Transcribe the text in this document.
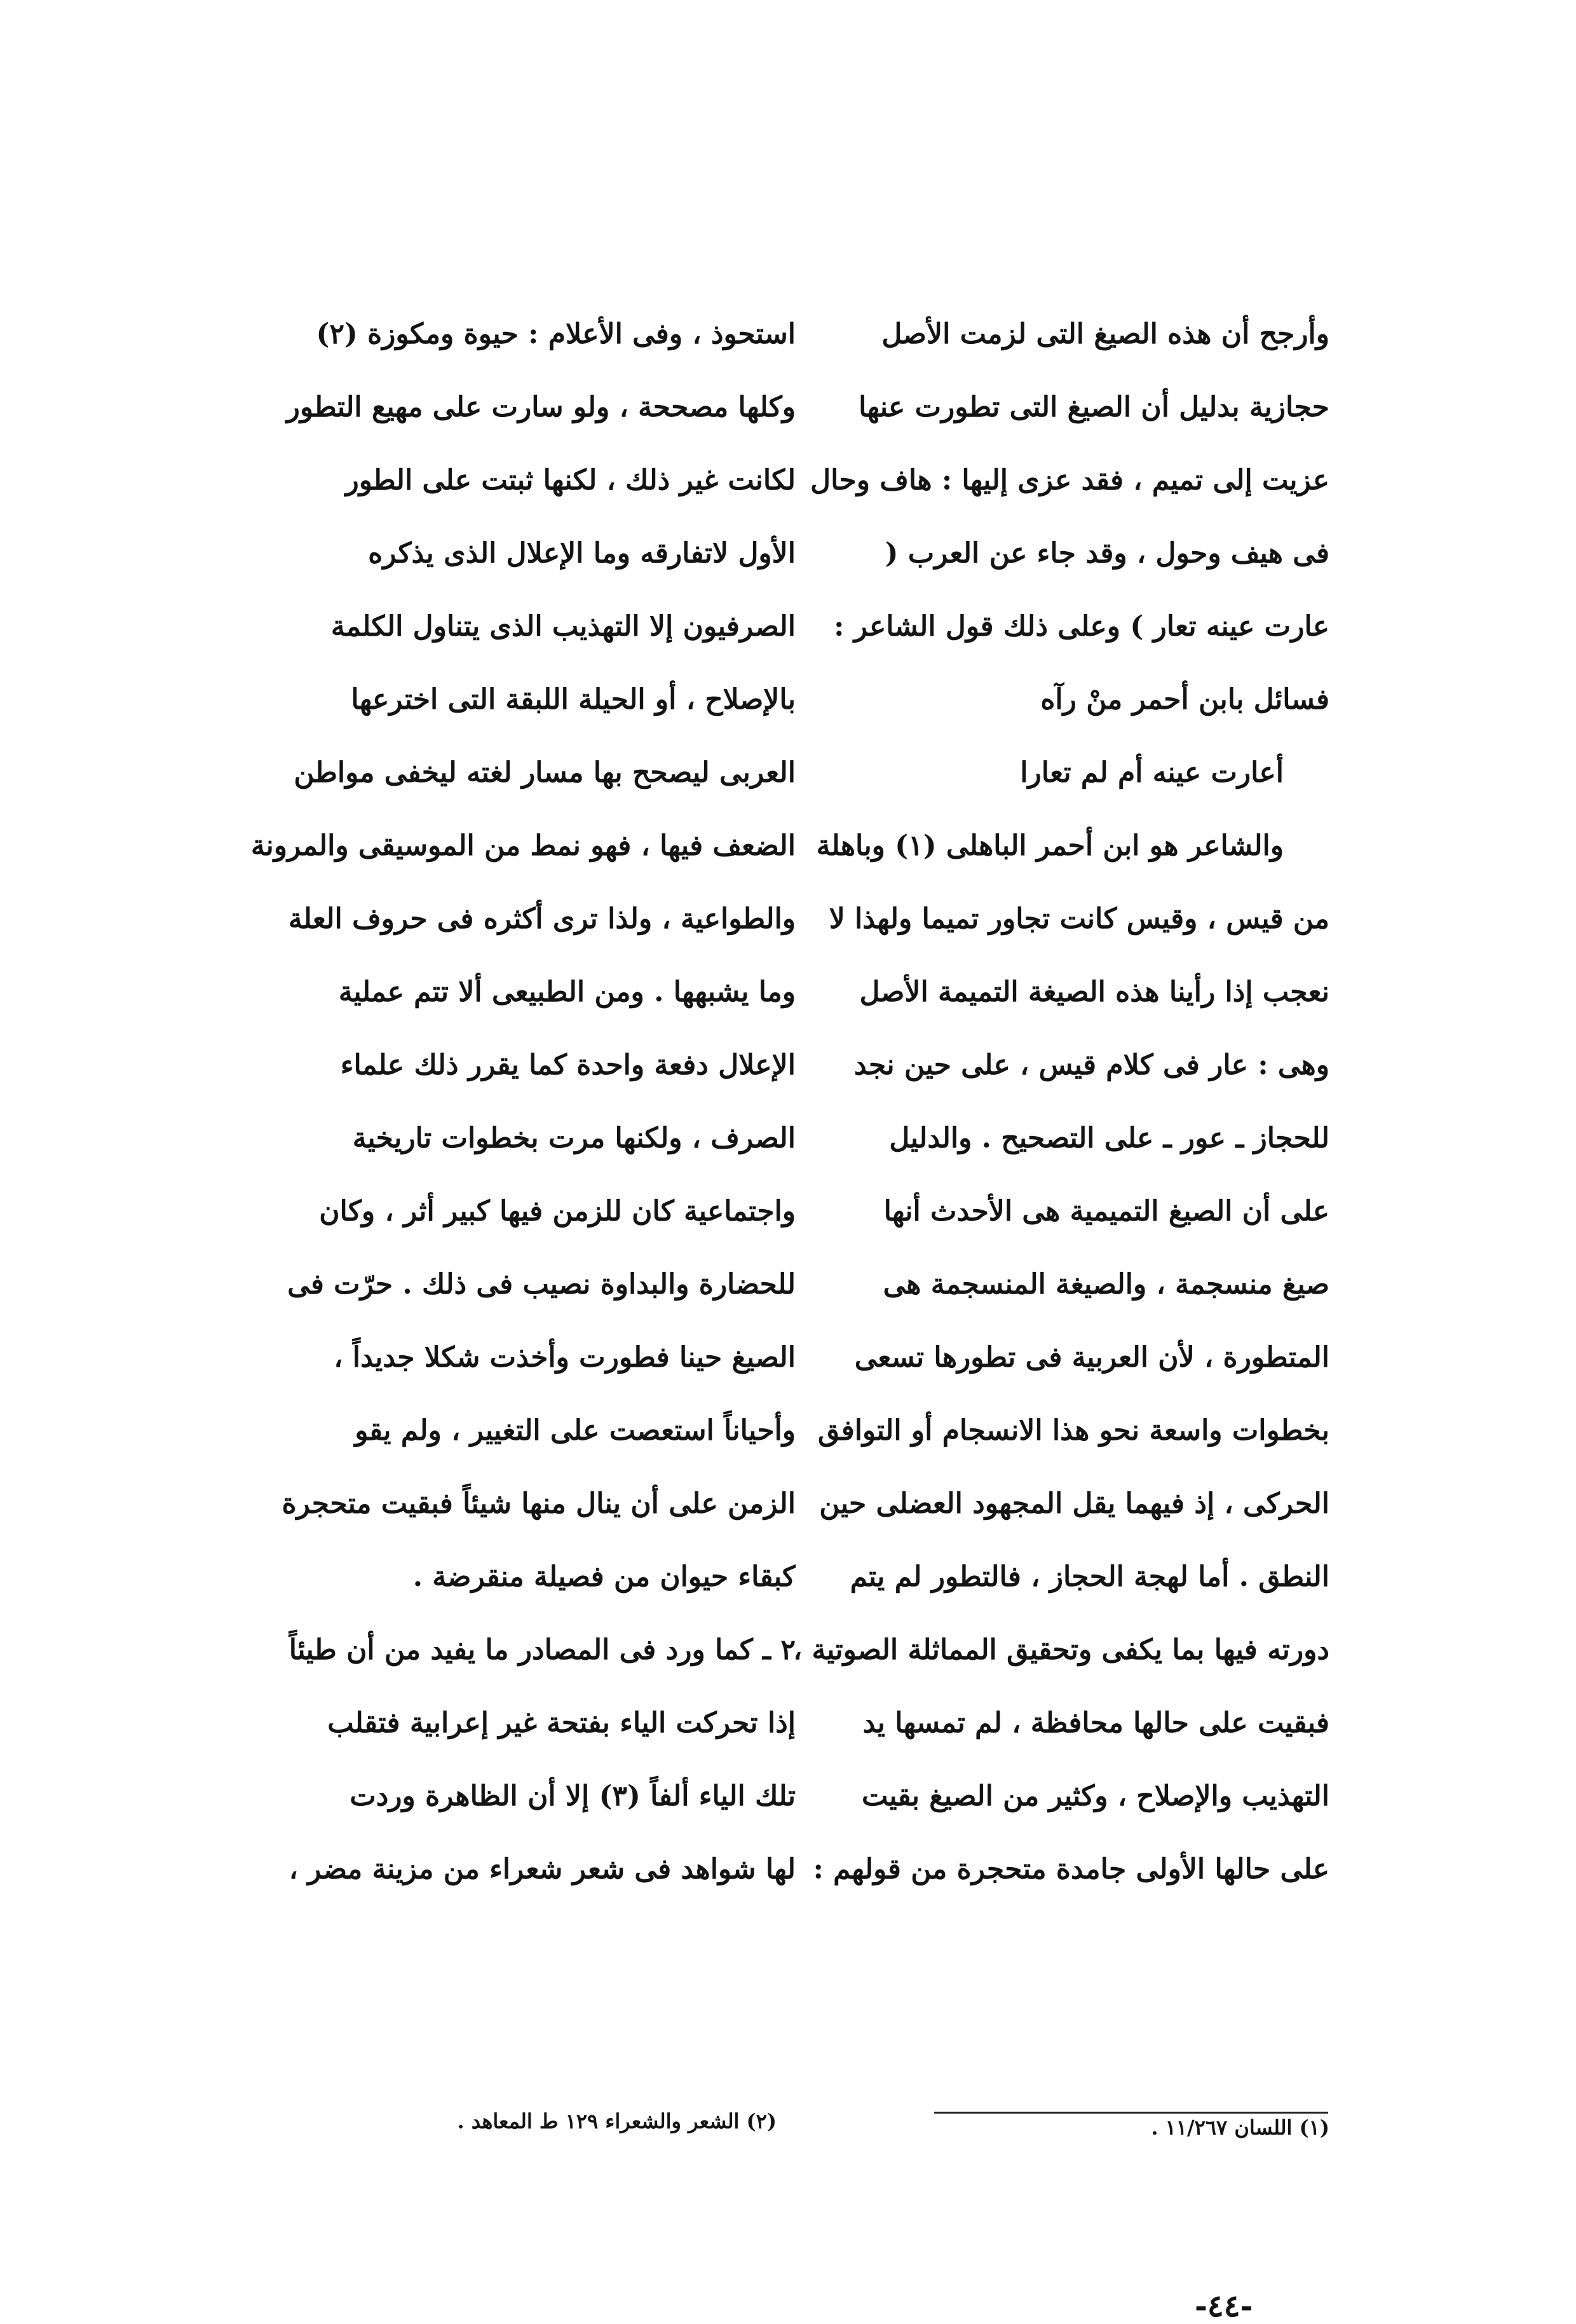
وأرجح أن هذه الصيغ التى لزمت الأصل
حجازية بدليل أن الصيغ التى تطورت عنها
عزيت إلى تميم ، فقد عزى إليها : هاف وحال
فى هيف وحول ، وقد جاء عن العرب (
عارت عينه تعار ) وعلى ذلك قول الشاعر :
فسائل بابن أحمر منْ رآه
أعارت عينه أم لم تعارا
والشاعر هو ابن أحمر الباهلى (١) وباهلة
من قيس ، وقيس كانت تجاور تميما ولهذا لا
نعجب إذا رأينا هذه الصيغة التميمة الأصل
وهى : عار فى كلام قيس ، على حين نجد
للحجاز ـ عور ـ على التصحيح . والدليل
على أن الصيغ التميمية هى الأحدث أنها
صيغ منسجمة ، والصيغة المنسجمة هى
المتطورة ، لأن العربية فى تطورها تسعى
بخطوات واسعة نحو هذا الانسجام أو التوافق
الحركى ، إذ فيهما يقل المجهود العضلى حين
النطق . أما لهجة الحجاز ، فالتطور لم يتم
دورته فيها بما يكفى وتحقيق المماثلة الصوتية ،
فبقيت على حالها محافظة ، لم تمسها يد
التهذيب والإصلاح ، وكثير من الصيغ بقيت
على حالها الأولى جامدة متحجرة من قولهم :
استحوذ ، وفى الأعلام : حيوة ومكوزة (٢)
وكلها مصححة ، ولو سارت على مهيع التطور
لكانت غير ذلك ، لكنها ثبتت على الطور
الأول لاتفارقه وما الإعلال الذى يذكره
الصرفيون إلا التهذيب الذى يتناول الكلمة
بالإصلاح ، أو الحيلة اللبقة التى اخترعها
العربى ليصحح بها مسار لغته ليخفى مواطن
الضعف فيها ، فهو نمط من الموسيقى والمرونة
والطواعية ، ولذا ترى أكثره فى حروف العلة
وما يشبهها . ومن الطبيعى ألا تتم عملية
الإعلال دفعة واحدة كما يقرر ذلك علماء
الصرف ، ولكنها مرت بخطوات تاريخية
واجتماعية كان للزمن فيها كبير أثر ، وكان
للحضارة والبداوة نصيب فى ذلك . حرّت فى
الصيغ حينا فطورت وأخذت شكلا جديداً ،
وأحياناً استعصت على التغيير ، ولم يقو
الزمن على أن ينال منها شيئاً فبقيت متحجرة
كبقاء حيوان من فصيلة منقرضة .
٢ ـ كما ورد فى المصادر ما يفيد من أن طيئاً
إذا تحركت الياء بفتحة غير إعرابية فتقلب
تلك الياء ألفاً (٣) إلا أن الظاهرة وردت
لها شواهد فى شعر شعراء من مزينة مضر ،
(١) اللسان ١١/٢٦٧ .
(٢) الشعر والشعراء ١٢٩ ط المعاهد .
-٤٤-
